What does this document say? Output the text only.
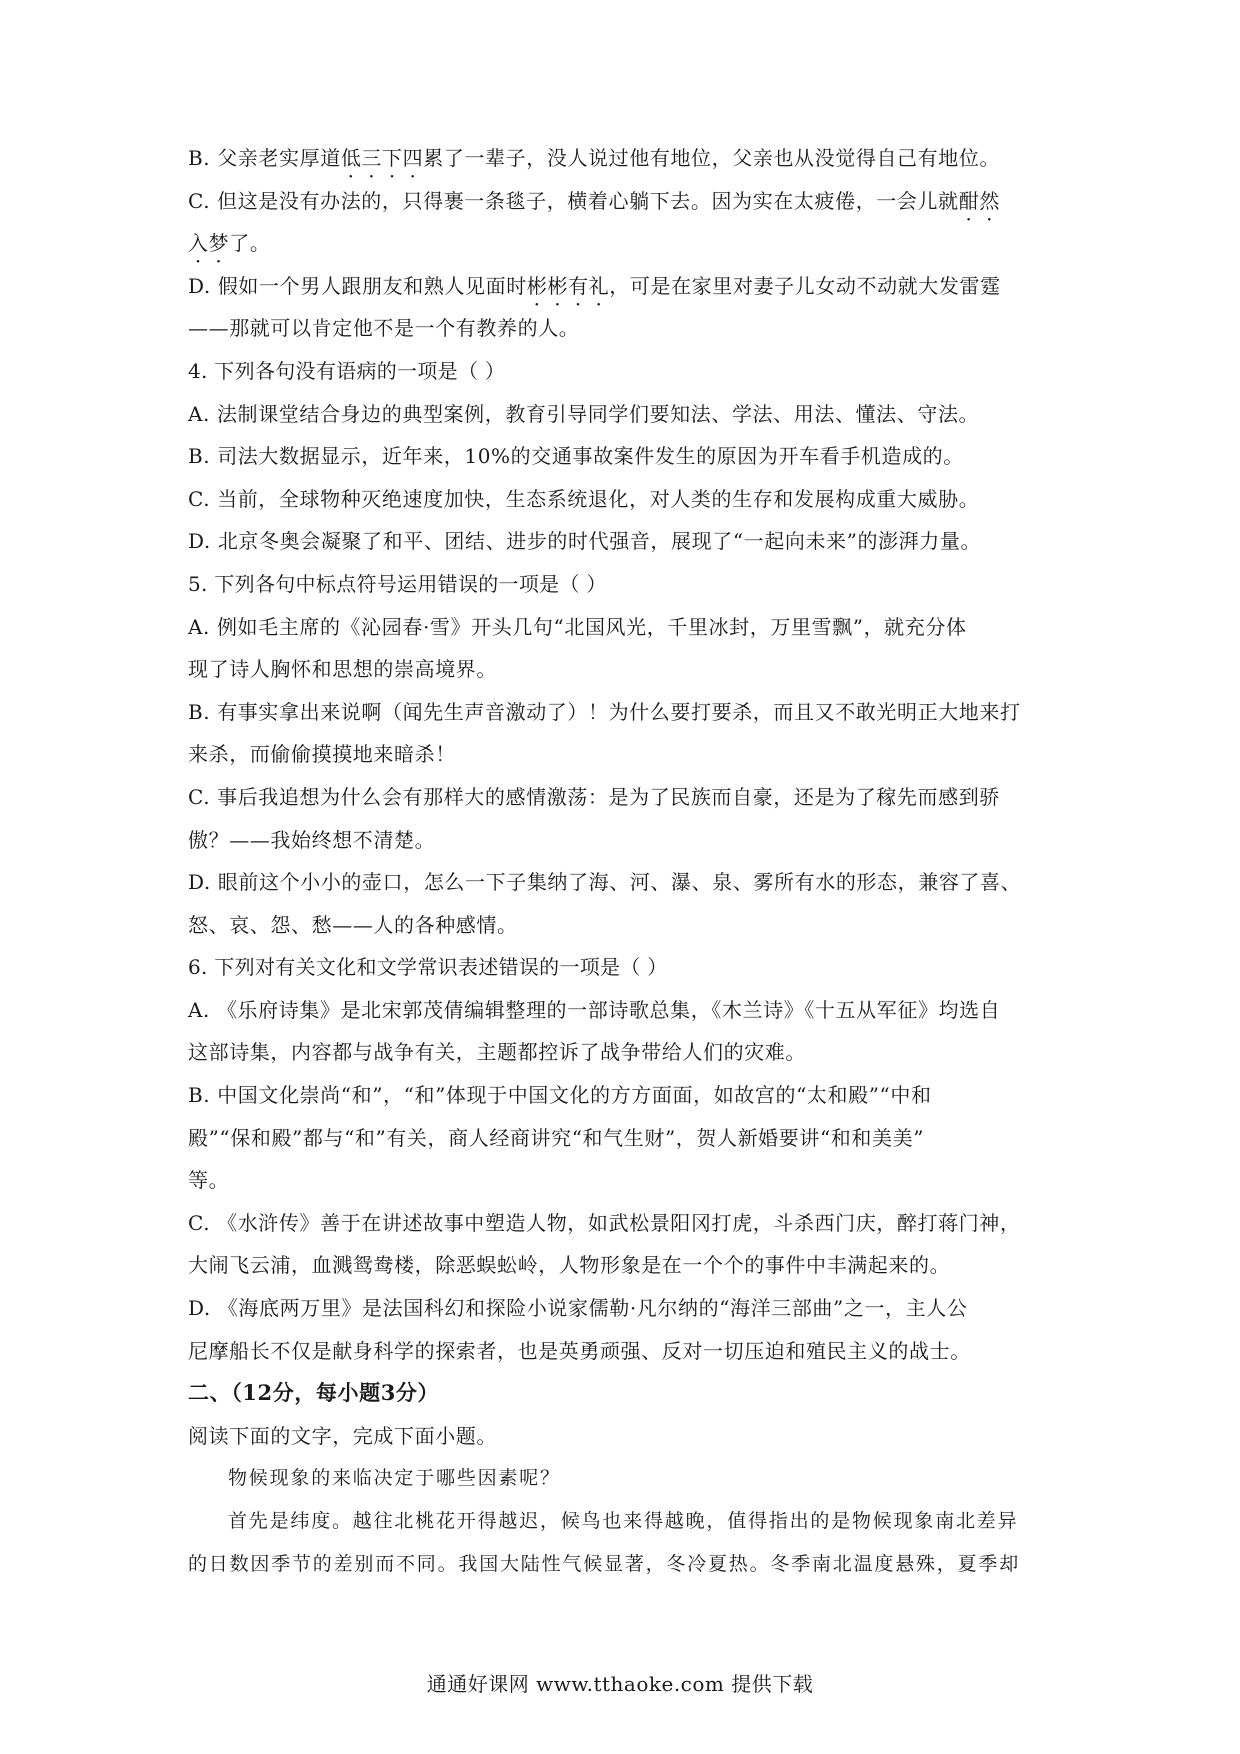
B. 父亲老实厚道低三下四累了一辈子，没人说过他有地位，父亲也从没觉得自己有地位。
C. 但这是没有办法的，只得裹一条毯子，横着心躺下去。因为实在太疲倦，一会儿就酣然
入梦了。
D. 假如一个男人跟朋友和熟人见面时彬彬有礼，可是在家里对妻子儿女动不动就大发雷霆
——那就可以肯定他不是一个有教养的人。
4. 下列各句没有语病的一项是（ ）
A. 法制课堂结合身边的典型案例，教育引导同学们要知法、学法、用法、懂法、守法。
B. 司法大数据显示，近年来，10%的交通事故案件发生的原因为开车看手机造成的。
C. 当前，全球物种灭绝速度加快，生态系统退化，对人类的生存和发展构成重大威胁。
D. 北京冬奥会凝聚了和平、团结、进步的时代强音，展现了“一起向未来”的澎湃力量。
5. 下列各句中标点符号运用错误的一项是（ ）
A. 例如毛主席的《沁园春·雪》开头几句“北国风光，千里冰封，万里雪飘”，就充分体
现了诗人胸怀和思想的崇高境界。
B. 有事实拿出来说啊（闻先生声音激动了）！为什么要打要杀，而且又不敢光明正大地来打
来杀，而偷偷摸摸地来暗杀！
C. 事后我追想为什么会有那样大的感情激荡：是为了民族而自豪，还是为了稼先而感到骄
傲？——我始终想不清楚。
D. 眼前这个小小的壶口，怎么一下子集纳了海、河、瀑、泉、雾所有水的形态，兼容了喜、
怒、哀、怨、愁——人的各种感情。
6. 下列对有关文化和文学常识表述错误的一项是（ ）
A. 《乐府诗集》是北宋郭茂倩编辑整理的一部诗歌总集，《木兰诗》《十五从军征》均选自
这部诗集，内容都与战争有关，主题都控诉了战争带给人们的灾难。
B. 中国文化崇尚“和”，“和”体现于中国文化的方方面面，如故宫的“太和殿”“中和
殿”“保和殿”都与“和”有关，商人经商讲究“和气生财”，贺人新婚要讲“和和美美”
等。
C. 《水浒传》善于在讲述故事中塑造人物，如武松景阳冈打虎，斗杀西门庆，醉打蒋门神，
大闹飞云浦，血溅鸳鸯楼，除恶蜈蚣岭，人物形象是在一个个的事件中丰满起来的。
D. 《海底两万里》是法国科幻和探险小说家儒勒·凡尔纳的“海洋三部曲”之一，主人公
尼摩船长不仅是献身科学的探索者，也是英勇顽强、反对一切压迫和殖民主义的战士。
二、（12分，每小题3分）
阅读下面的文字，完成下面小题。
物候现象的来临决定于哪些因素呢？
首先是纬度。越往北桃花开得越迟，候鸟也来得越晚，值得指出的是物候现象南北差异
的日数因季节的差别而不同。我国大陆性气候显著，冬冷夏热。冬季南北温度悬殊，夏季却
通通好课网 www.tthaoke.com 提供下载
